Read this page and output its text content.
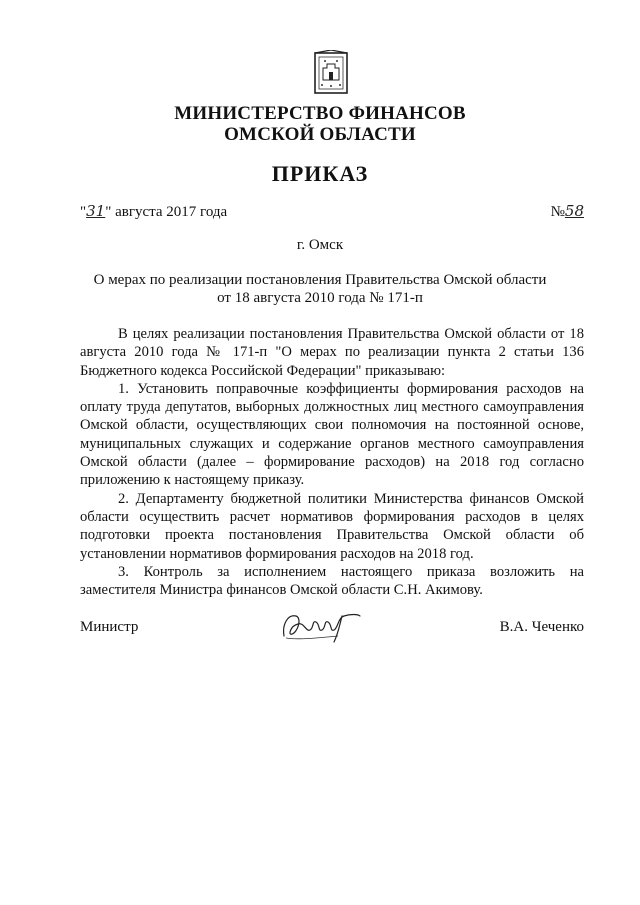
МИНИСТЕРСТВО ФИНАНСОВ
ОМСКОЙ ОБЛАСТИ
ПРИКАЗ
"31" августа 2017 года	№58
г. Омск
О мерах по реализации постановления Правительства Омской области
от 18 августа 2010 года № 171-п

В целях реализации постановления Правительства Омской области от 18 августа 2010 года № 171-п "О мерах по реализации пункта 2 статьи 136 Бюджетного кодекса Российской Федерации" приказываю:

1. Установить поправочные коэффициенты формирования расходов на оплату труда депутатов, выборных должностных лиц местного самоуправления Омской области, осуществляющих свои полномочия на постоянной основе, муниципальных служащих и содержание органов местного самоуправления Омской области (далее – формирование расходов) на 2018 год согласно приложению к настоящему приказу.

2. Департаменту бюджетной политики Министерства финансов Омской области осуществить расчет нормативов формирования расходов в целях подготовки проекта постановления Правительства Омской области об установлении нормативов формирования расходов на 2018 год.

3. Контроль за исполнением настоящего приказа возложить на заместителя Министра финансов Омской области С.Н. Акимову.

Министр	В.А. Чеченко
